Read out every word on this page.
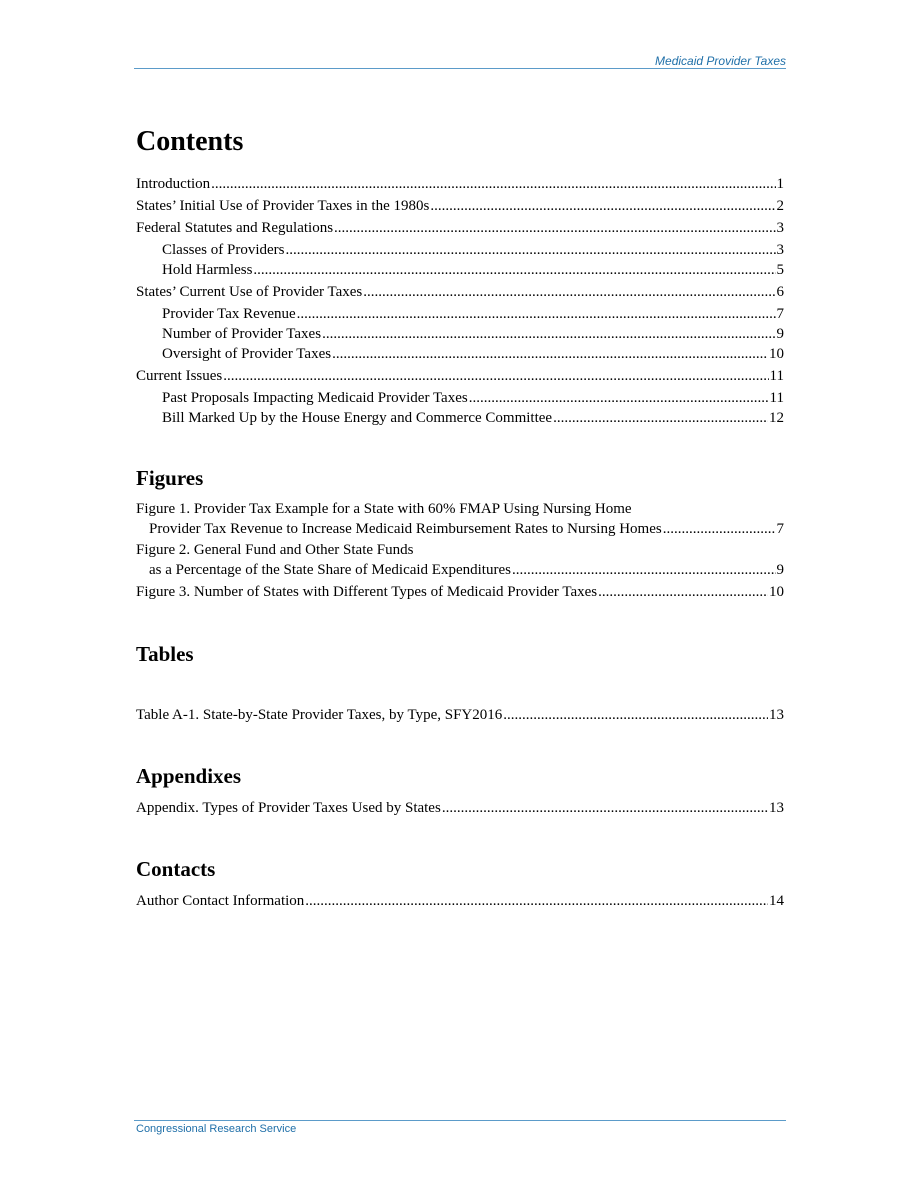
Medicaid Provider Taxes
Contents
Introduction .....	1
States’ Initial Use of Provider Taxes in the 1980s .....	2
Federal Statutes and Regulations .....	3
Classes of Providers .....	3
Hold Harmless .....	5
States’ Current Use of Provider Taxes .....	6
Provider Tax Revenue .....	7
Number of Provider Taxes .....	9
Oversight of Provider Taxes .....	10
Current Issues .....	11
Past Proposals Impacting Medicaid Provider Taxes .....	11
Bill Marked Up by the House Energy and Commerce Committee .....	12
Figures
Figure 1. Provider Tax Example for a State with 60% FMAP Using Nursing Home
Provider Tax Revenue to Increase Medicaid Reimbursement Rates to Nursing Homes .....	7
Figure 2. General Fund and Other State Funds
as a Percentage of the State Share of Medicaid Expenditures .....	9
Figure 3. Number of States with Different Types of Medicaid Provider Taxes .....	10
Tables
Table A-1. State-by-State Provider Taxes, by Type, SFY2016 .....	13
Appendixes
Appendix. Types of Provider Taxes Used by States .....	13
Contacts
Author Contact Information .....	14
Congressional Research Service
